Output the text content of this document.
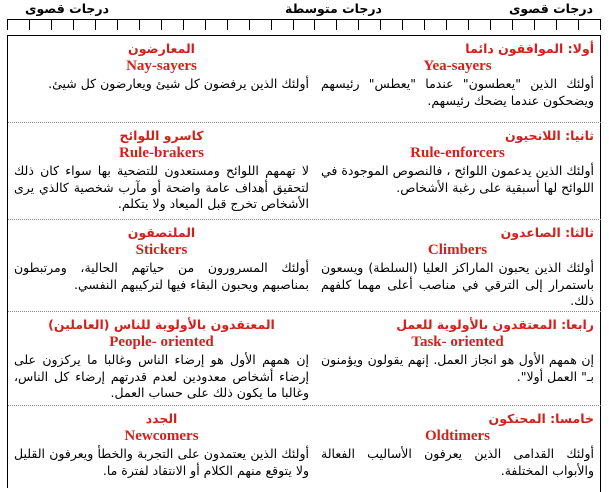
درجات قصوى
درجات متوسطة
درجات قصوى
أولا: الموافقون دائما
Yea-sayers
أولئك الذين "يعطسون" عندما "يعطس" رئيسهم ويضحكون عندما يضحك رئيسهم.
المعارضون
Nay-sayers
أولئك الذين يرفضون كل شيئ ويعارضون كل شيئ.
ثانيا: اللانحيون
Rule-enforcers
أولئك الذين يدعمون اللوائح ، فالنصوص الموجودة في اللوائح لها أسبقية على رغبة الأشخاص.
كاسرو اللوائح
Rule-brakers
لا تهمهم اللوائح ومستعدون للتضحية بها سواء كان ذلك لتحقيق أهداف عامة واضحة أو مآرب شخصية كالذي يرى الأشخاص تخرج قبل الميعاد ولا يتكلم.
ثالثا: الصاعدون
Climbers
أولئك الذين يحبون الماراكز العليا (السلطة) ويسعون باستمرار إلى الترقي في مناصب أعلى مهما كلفهم ذلك.
الملتصقون
Stickers
أولئك المسرورون من حياتهم الحالية، ومرتبطون بمناصبهم ويحبون البقاء فيها لتركيبهم النفسي.
رابعا: المعتقدون بالأولوية للعمل
Task- oriented
إن همهم الأول هو انجاز العمل. إنهم يقولون ويؤمنون بـ" العمل أولا".
المعتقدون بالأولوية للناس (العاملين)
People- oriented
إن همهم الأول هو إرضاء الناس وغالبا ما يركزون على إرضاء أشخاص معدودين لعدم قدرتهم إرضاء كل الناس، وغالبا ما يكون ذلك على حساب العمل.
خامسا: المحنكون
Oldtimers
أولئك القدامى الذين يعرفون الأساليب الفعالة والأبواب المختلفة.
الجدد
Newcomers
أولئك الذين يعتمدون على التجربة والخطأ ويعرفون القليل ولا يتوقع منهم الكلام أو الانتقاد لفترة ما.
